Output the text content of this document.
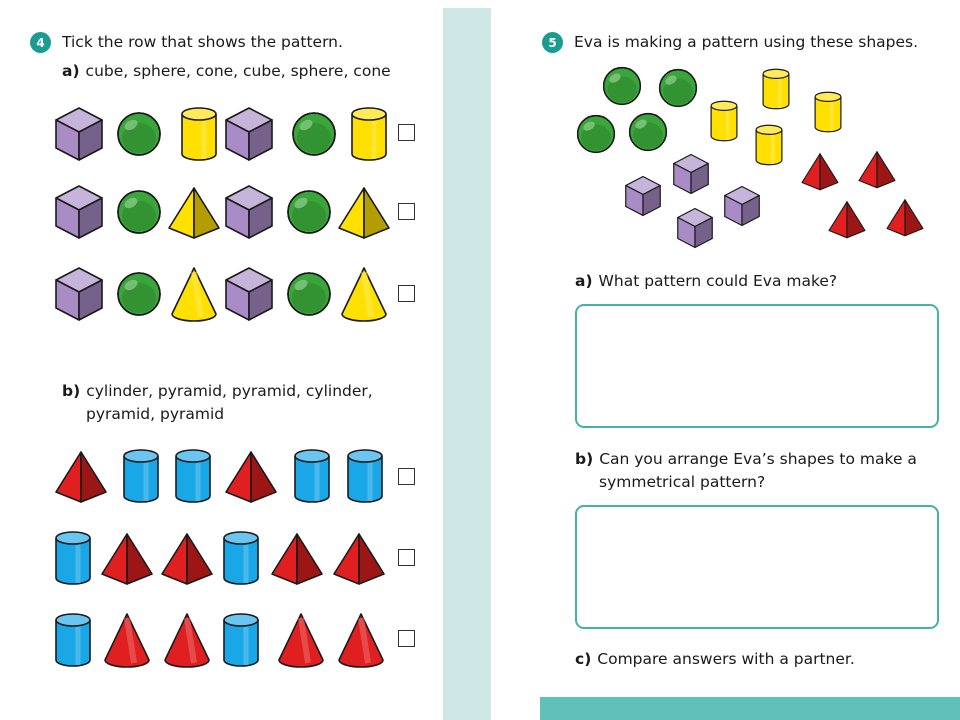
4	Tick the row that shows the pattern.
a) cube, sphere, cone, cube, sphere, cone
b) cylinder, pyramid, pyramid, cylinder,
pyramid, pyramid
5	Eva is making a pattern using these shapes.
a) What pattern could Eva make?
b) Can you arrange Eva’s shapes to make a
symmetrical pattern?
c) Compare answers with a partner.
